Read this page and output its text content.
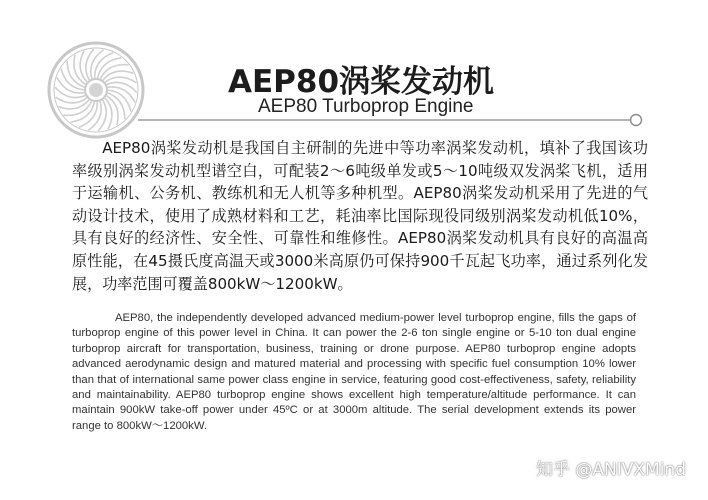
AEP80涡桨发动机
AEP80 Turboprop Engine

AEP80涡桨发动机是我国自主研制的先进中等功率涡桨发动机，填补了我国该功率级别涡桨发动机型谱空白，可配装2～6吨级单发或5～10吨级双发涡桨飞机，适用于运输机、公务机、教练机和无人机等多种机型。AEP80涡桨发动机采用了先进的气动设计技术，使用了成熟材料和工艺，耗油率比国际现役同级别涡桨发动机低10%，具有良好的经济性、安全性、可靠性和维修性。AEP80涡桨发动机具有良好的高温高原性能，在45摄氏度高温天或3000米高原仍可保持900千瓦起飞功率，通过系列化发展，功率范围可覆盖800kW～1200kW。

AEP80, the independently developed advanced medium-power level turboprop engine, fills the gaps of turboprop engine of this power level in China. It can power the 2-6 ton single engine or 5-10 ton dual engine turboprop aircraft for transportation, business, training or drone purpose. AEP80 turboprop engine adopts advanced aerodynamic design and matured material and processing with specific fuel consumption 10% lower than that of international same power class engine in service, featuring good cost-effectiveness, safety, reliability and maintainability. AEP80 turboprop engine shows excellent high temperature/altitude performance. It can maintain 900kW take-off power under 45ºC or at 3000m altitude. The serial development extends its power range to 800kW～1200kW.

知乎 @ANIVXMind
